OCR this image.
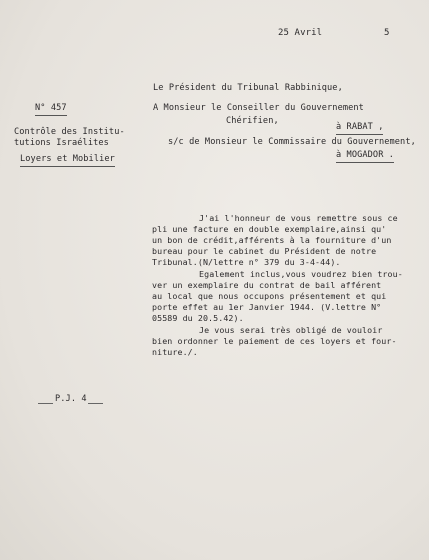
25 Avril	5
Le Président du Tribunal Rabbinique,
A Monsieur le Conseiller du Gouvernement
Chérifien,
à RABAT ,
s/c de Monsieur le Commissaire du Gouvernement,
à MOGADOR .
N° 457
Contrôle des Institu-
tutions Israélites
Loyers et Mobilier
J'ai l'honneur de vous remettre sous ce
pli une facture en double exemplaire,ainsi qu'
un bon de crédit,afférents à la fourniture d'un
bureau pour le cabinet du Président de notre
Tribunal.(N/lettre n° 379 du 3-4-44).
Egalement inclus,vous voudrez bien trou-
ver un exemplaire du contrat de bail afférent
au local que nous occupons présentement et qui
porte effet au 1er Janvier 1944. (V.lettre N°
05589 du 20.5.42).
Je vous serai très obligé de vouloir
bien ordonner le paiement de ces loyers et four-
niture./.
P.J. 4
